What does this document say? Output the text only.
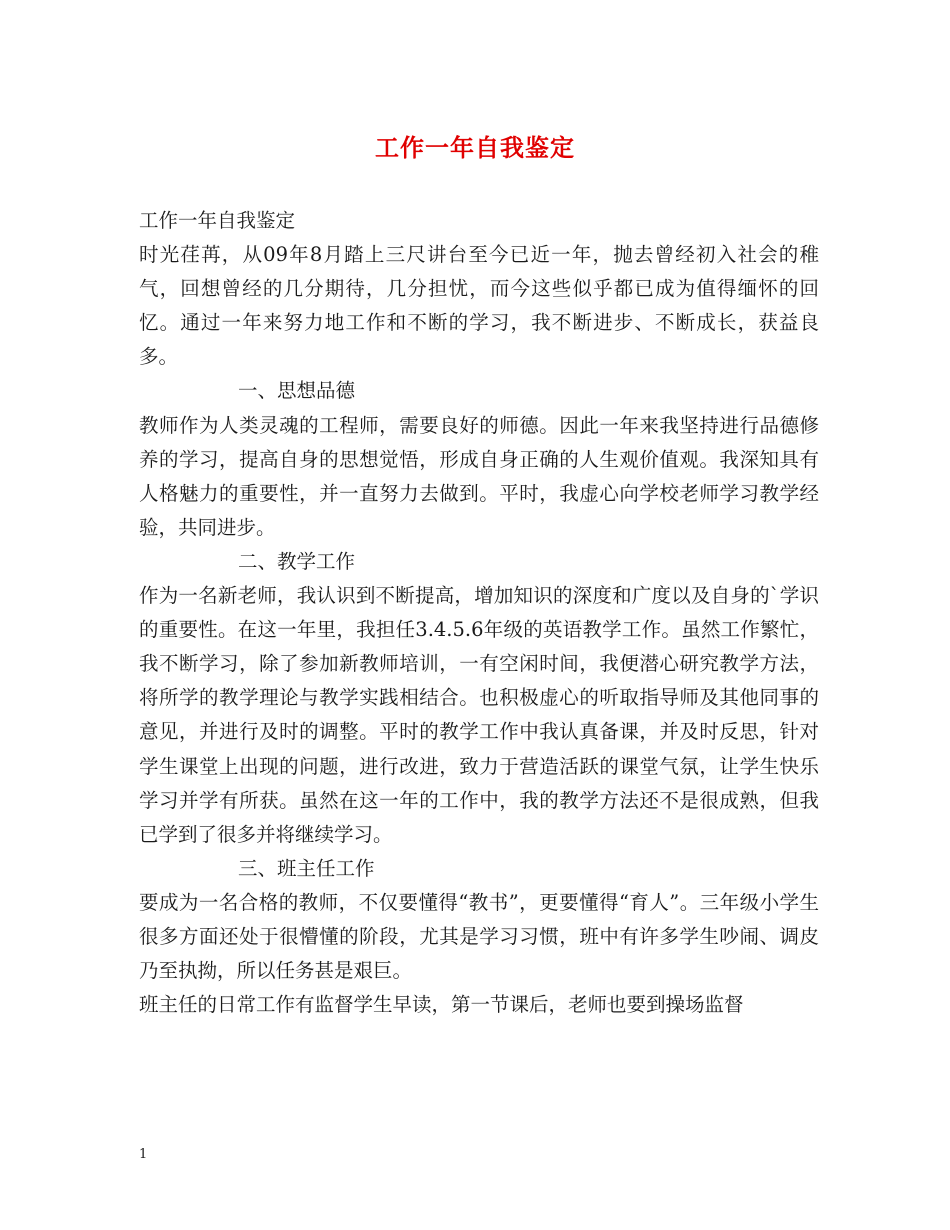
工作一年自我鉴定

工作一年自我鉴定

时光荏苒，从09年8月踏上三尺讲台至今已近一年，抛去曾经初入社会的稚气，回想曾经的几分期待，几分担忧，而今这些似乎都已成为值得缅怀的回忆。通过一年来努力地工作和不断的学习，我不断进步、不断成长，获益良多。

一、思想品德

教师作为人类灵魂的工程师，需要良好的师德。因此一年来我坚持进行品德修养的学习，提高自身的思想觉悟，形成自身正确的人生观价值观。我深知具有人格魅力的重要性，并一直努力去做到。平时，我虚心向学校老师学习教学经验，共同进步。

二、教学工作

作为一名新老师，我认识到不断提高，增加知识的深度和广度以及自身的`学识的重要性。在这一年里，我担任3.4.5.6年级的英语教学工作。虽然工作繁忙，我不断学习，除了参加新教师培训，一有空闲时间，我便潜心研究教学方法，将所学的教学理论与教学实践相结合。也积极虚心的听取指导师及其他同事的意见，并进行及时的调整。平时的教学工作中我认真备课，并及时反思，针对学生课堂上出现的问题，进行改进，致力于营造活跃的课堂气氛，让学生快乐学习并学有所获。虽然在这一年的工作中，我的教学方法还不是很成熟，但我已学到了很多并将继续学习。

三、班主任工作

要成为一名合格的教师，不仅要懂得“教书”，更要懂得“育人”。三年级小学生很多方面还处于很懵懂的阶段，尤其是学习习惯，班中有许多学生吵闹、调皮乃至执拗，所以任务甚是艰巨。

班主任的日常工作有监督学生早读，第一节课后，老师也要到操场监督

1
